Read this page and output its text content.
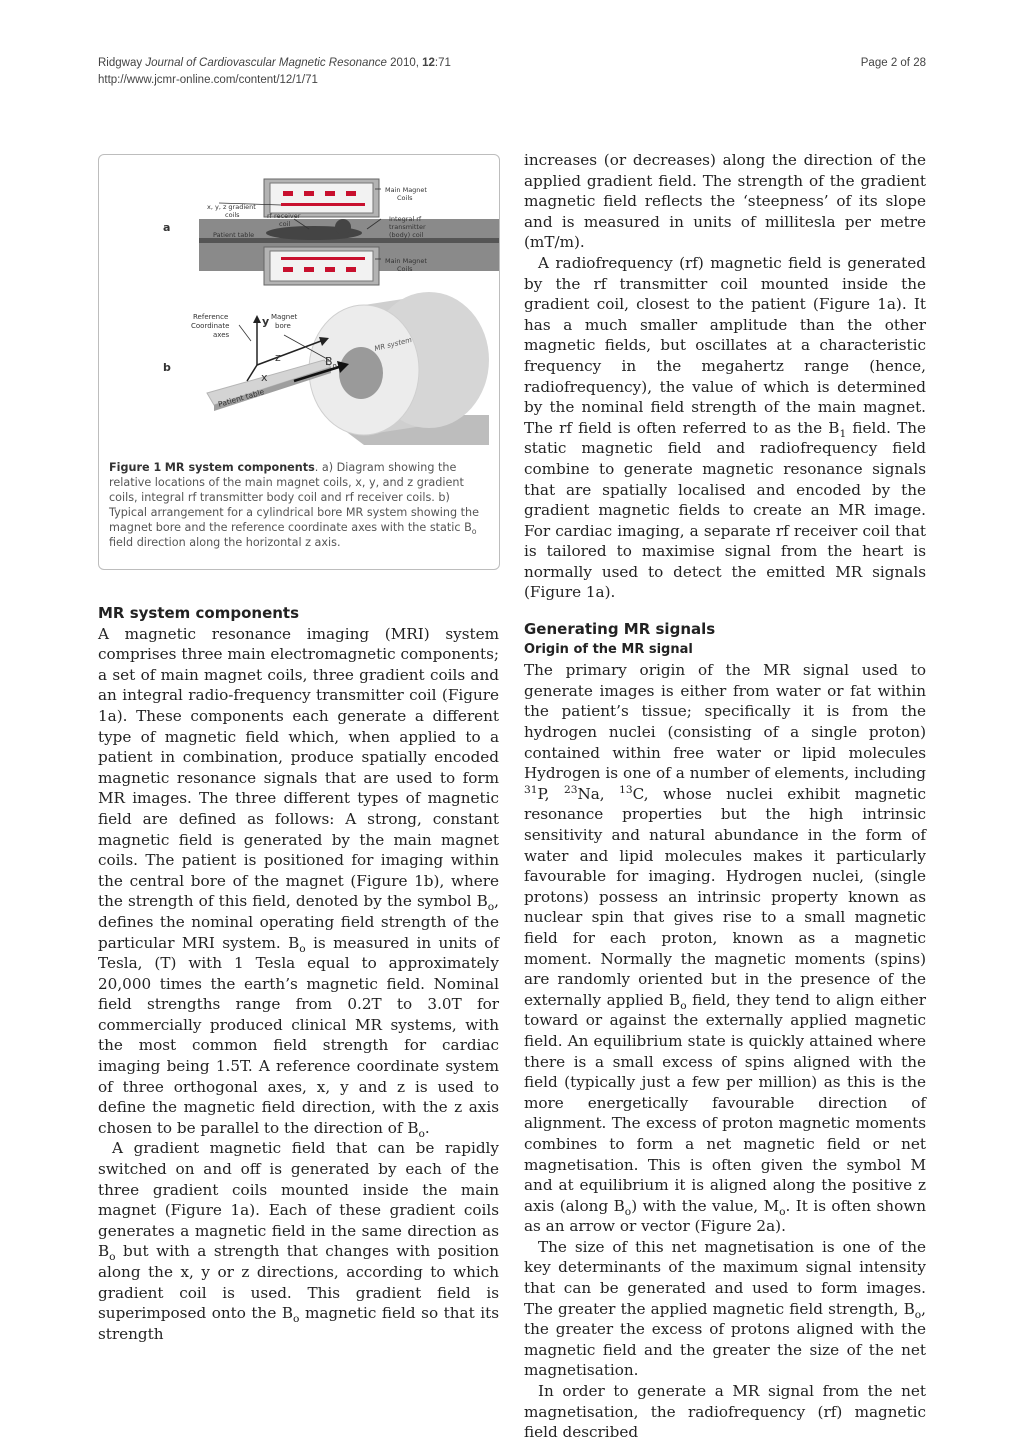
Ridgway Journal of Cardiovascular Magnetic Resonance 2010, 12:71
http://www.jcmr-online.com/content/12/1/71
Page 2 of 28
a
Main Magnet
Coils
x, y, z gradient
coils	rf receiver
coil
Integral rf
transmitter
(body) coil
Patient table
Main Magnet
Coils
b
Reference
Coordinate
axes
Magnet
bore
MR system
y
z
x
$B_o$
Patient table
Figure 1 MR system components. a) Diagram showing the relative locations of the main magnet coils, x, y, and z gradient coils, integral rf transmitter body coil and rf receiver coils. b) Typical arrangement for a cylindrical bore MR system showing the magnet bore and the reference coordinate axes with the static $B_o$ field direction along the horizontal z axis.
MR system components

A magnetic resonance imaging (MRI) system comprises three main electromagnetic components; a set of main magnet coils, three gradient coils and an integral radio-frequency transmitter coil (Figure 1a). These components each generate a different type of magnetic field which, when applied to a patient in combination, produce spatially encoded magnetic resonance signals that are used to form MR images. The three different types of magnetic field are defined as follows: A strong, constant magnetic field is generated by the main magnet coils. The patient is positioned for imaging within the central bore of the magnet (Figure 1b), where the strength of this field, denoted by the symbol $B_o$, defines the nominal operating field strength of the particular MRI system. $B_o$ is measured in units of Tesla, (T) with 1 Tesla equal to approximately 20,000 times the earth’s magnetic field. Nominal field strengths range from 0.2T to 3.0T for commercially produced clinical MR systems, with the most common field strength for cardiac imaging being 1.5T. A reference coordinate system of three orthogonal axes, x, y and z is used to define the magnetic field direction, with the z axis chosen to be parallel to the direction of $B_o$.

A gradient magnetic field that can be rapidly switched on and off is generated by each of the three gradient coils mounted inside the main magnet (Figure 1a). Each of these gradient coils generates a magnetic field in the same direction as $B_o$ but with a strength that changes with position along the x, y or z directions, according to which gradient coil is used. This gradient field is superimposed onto the $B_o$ magnetic field so that its strength

increases (or decreases) along the direction of the applied gradient field. The strength of the gradient magnetic field reflects the ‘steepness’ of its slope and is measured in units of millitesla per metre (mT/m).

A radiofrequency (rf) magnetic field is generated by the rf transmitter coil mounted inside the gradient coil, closest to the patient (Figure 1a). It has a much smaller amplitude than the other magnetic fields, but oscillates at a characteristic frequency in the megahertz range (hence, radiofrequency), the value of which is determined by the nominal field strength of the main magnet. The rf field is often referred to as the $B_1$ field. The static magnetic field and radiofrequency field combine to generate magnetic resonance signals that are spatially localised and encoded by the gradient magnetic fields to create an MR image. For cardiac imaging, a separate rf receiver coil that is tailored to maximise signal from the heart is normally used to detect the emitted MR signals (Figure 1a).

Generating MR signals
Origin of the MR signal

The primary origin of the MR signal used to generate images is either from water or fat within the patient’s tissue; specifically it is from the hydrogen nuclei (consisting of a single proton) contained within free water or lipid molecules Hydrogen is one of a number of elements, including $^{31}$P, $^{23}$Na, $^{13}$C, whose nuclei exhibit magnetic resonance properties but the high intrinsic sensitivity and natural abundance in the form of water and lipid molecules makes it particularly favourable for imaging. Hydrogen nuclei, (single protons) possess an intrinsic property known as nuclear spin that gives rise to a small magnetic field for each proton, known as a magnetic moment. Normally the magnetic moments (spins) are randomly oriented but in the presence of the externally applied $B_o$ field, they tend to align either toward or against the externally applied magnetic field. An equilibrium state is quickly attained where there is a small excess of spins aligned with the field (typically just a few per million) as this is the more energetically favourable direction of alignment. The excess of proton magnetic moments combines to form a net magnetic field or net magnetisation. This is often given the symbol M and at equilibrium it is aligned along the positive z axis (along $B_o$) with the value, $M_o$. It is often shown as an arrow or vector (Figure 2a).

The size of this net magnetisation is one of the key determinants of the maximum signal intensity that can be generated and used to form images. The greater the applied magnetic field strength, $B_o$, the greater the excess of protons aligned with the magnetic field and the greater the size of the net magnetisation.

In order to generate a MR signal from the net magnetisation, the radiofrequency (rf) magnetic field described
